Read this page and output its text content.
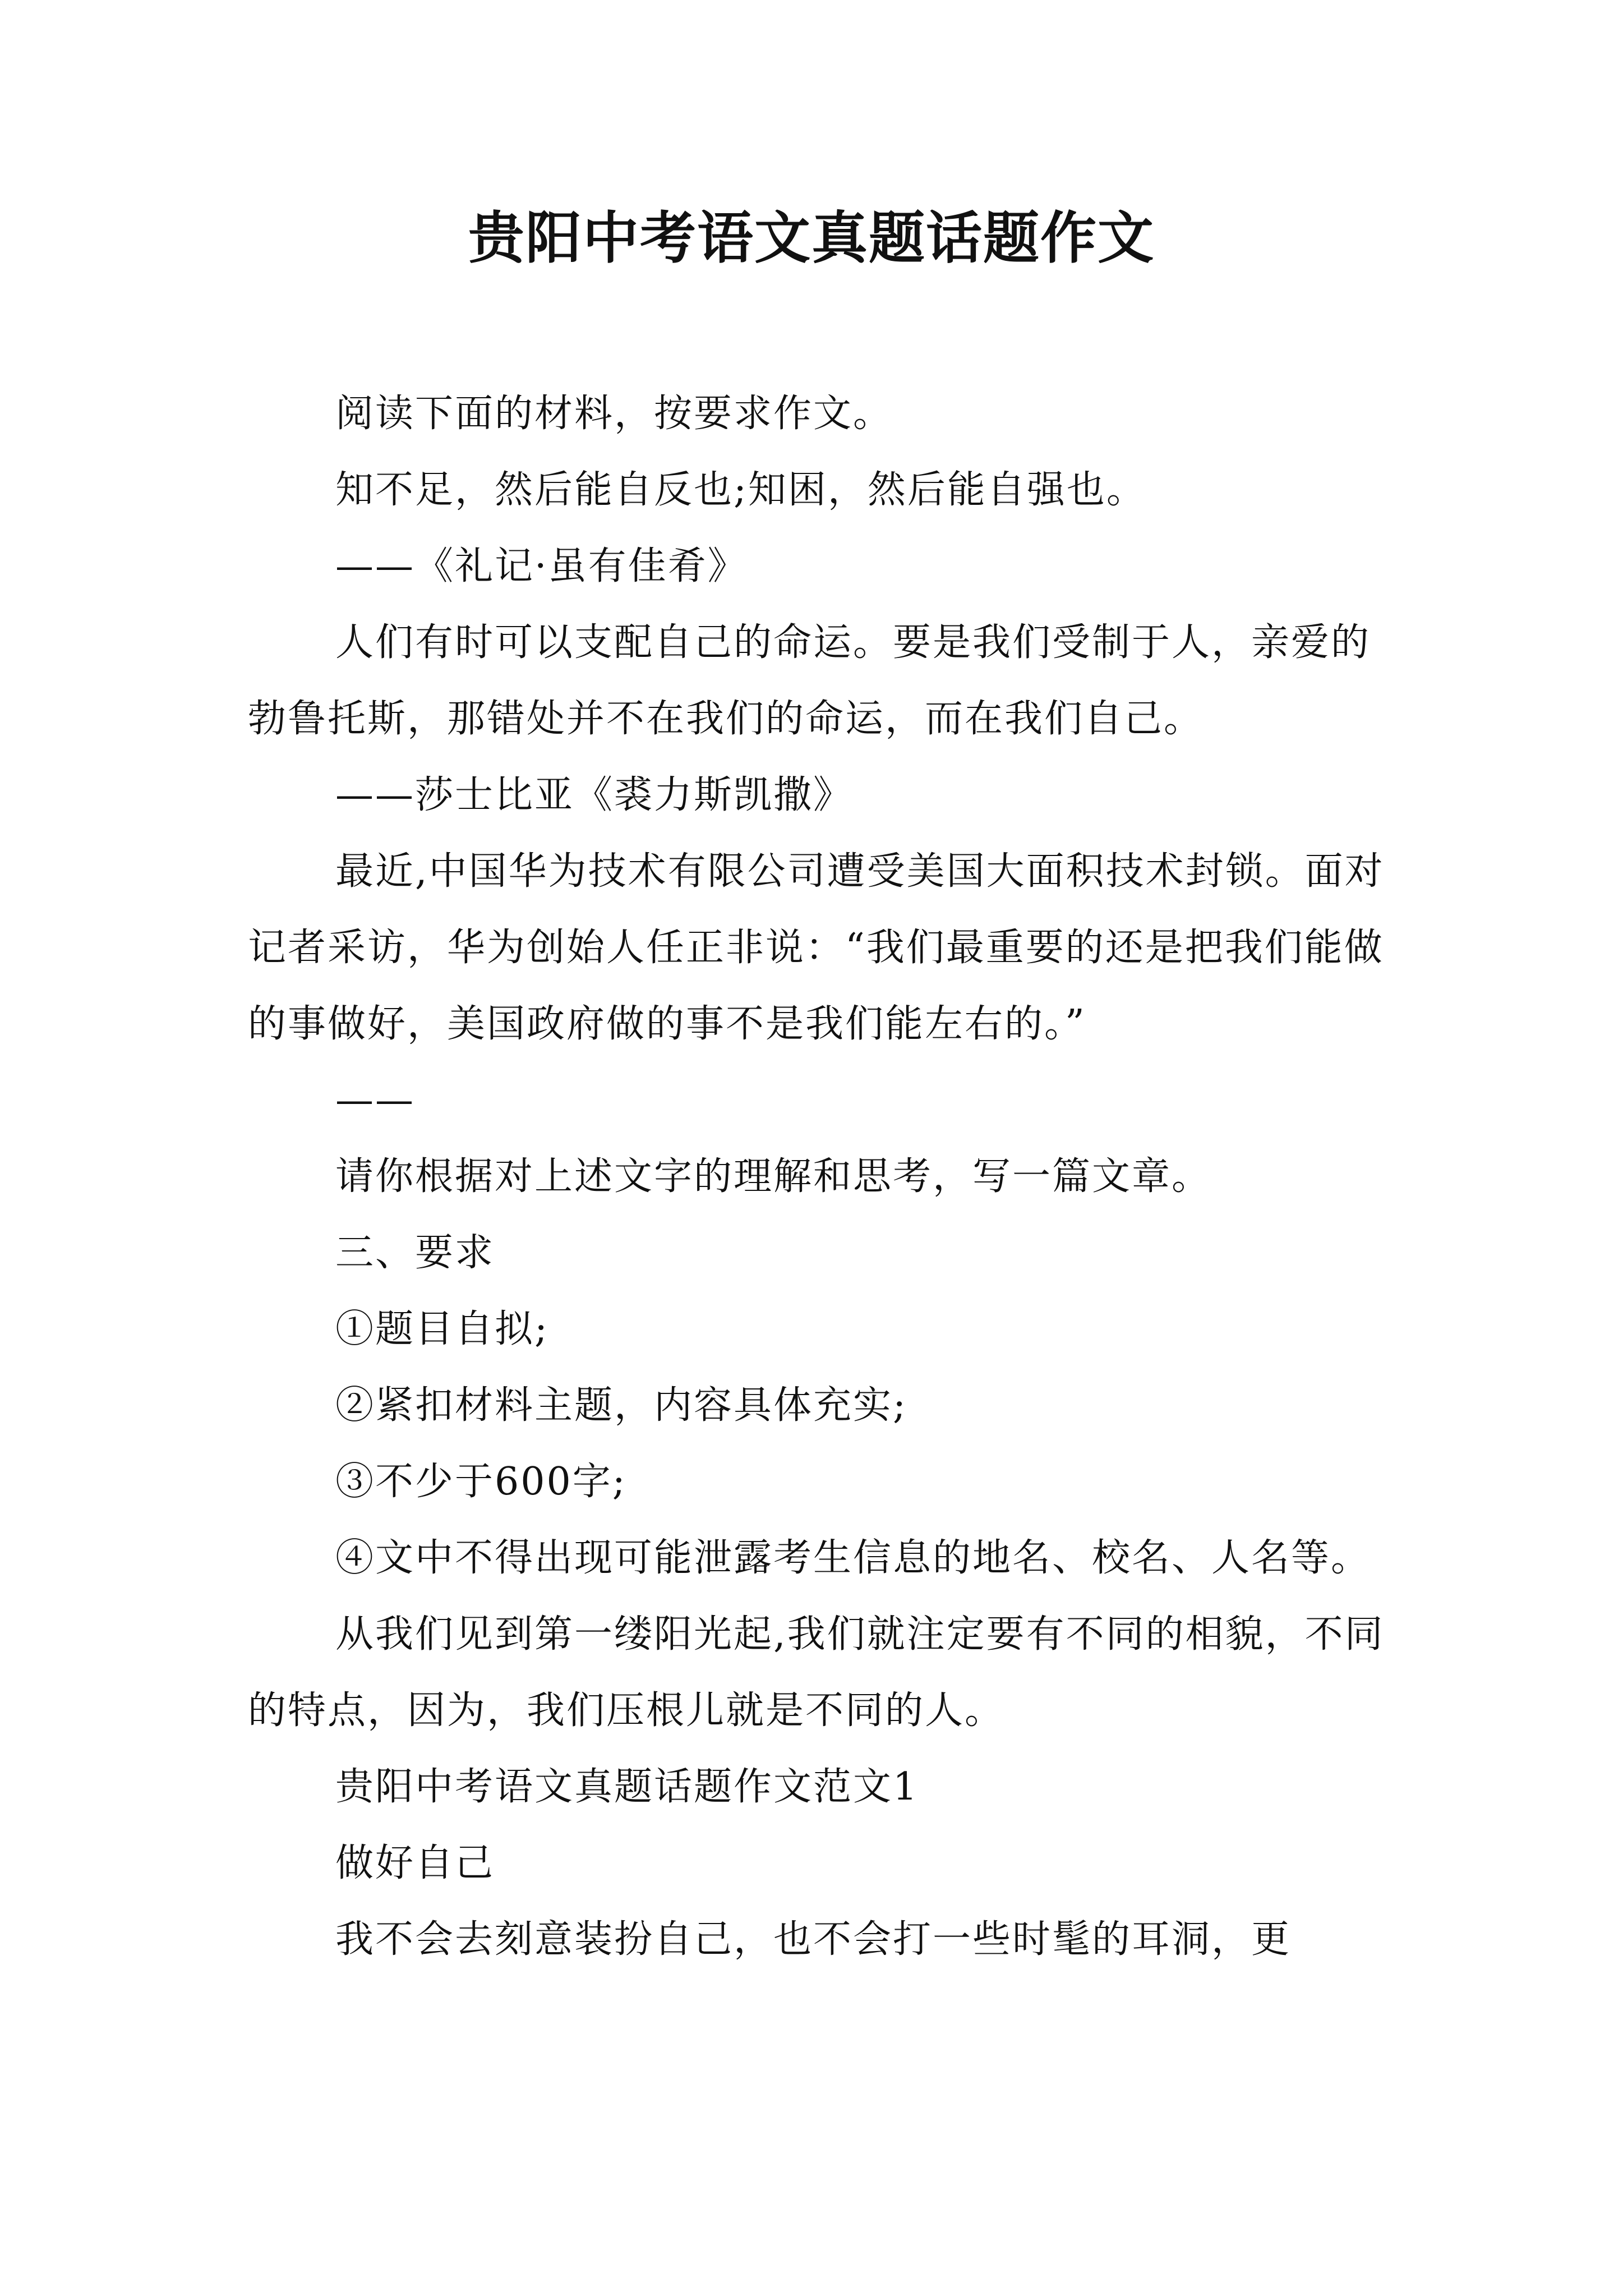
贵阳中考语文真题话题作文

阅读下面的材料，按要求作文。

知不足，然后能自反也;知困，然后能自强也。

——《礼记·虽有佳肴》

人们有时可以支配自己的命运。要是我们受制于人，亲爱的勃鲁托斯，那错处并不在我们的命运，而在我们自己。

——莎士比亚《裘力斯凯撒》

最近,中国华为技术有限公司遭受美国大面积技术封锁。面对记者采访，华为创始人任正非说：“我们最重要的还是把我们能做的事做好，美国政府做的事不是我们能左右的。”

——

请你根据对上述文字的理解和思考，写一篇文章。

三、要求

①题目自拟;

②紧扣材料主题，内容具体充实;

③不少于600字;

④文中不得出现可能泄露考生信息的地名、校名、人名等。

从我们见到第一缕阳光起,我们就注定要有不同的相貌，不同的特点，因为，我们压根儿就是不同的人。

贵阳中考语文真题话题作文范文1

做好自己

我不会去刻意装扮自己，也不会打一些时髦的耳洞，更
